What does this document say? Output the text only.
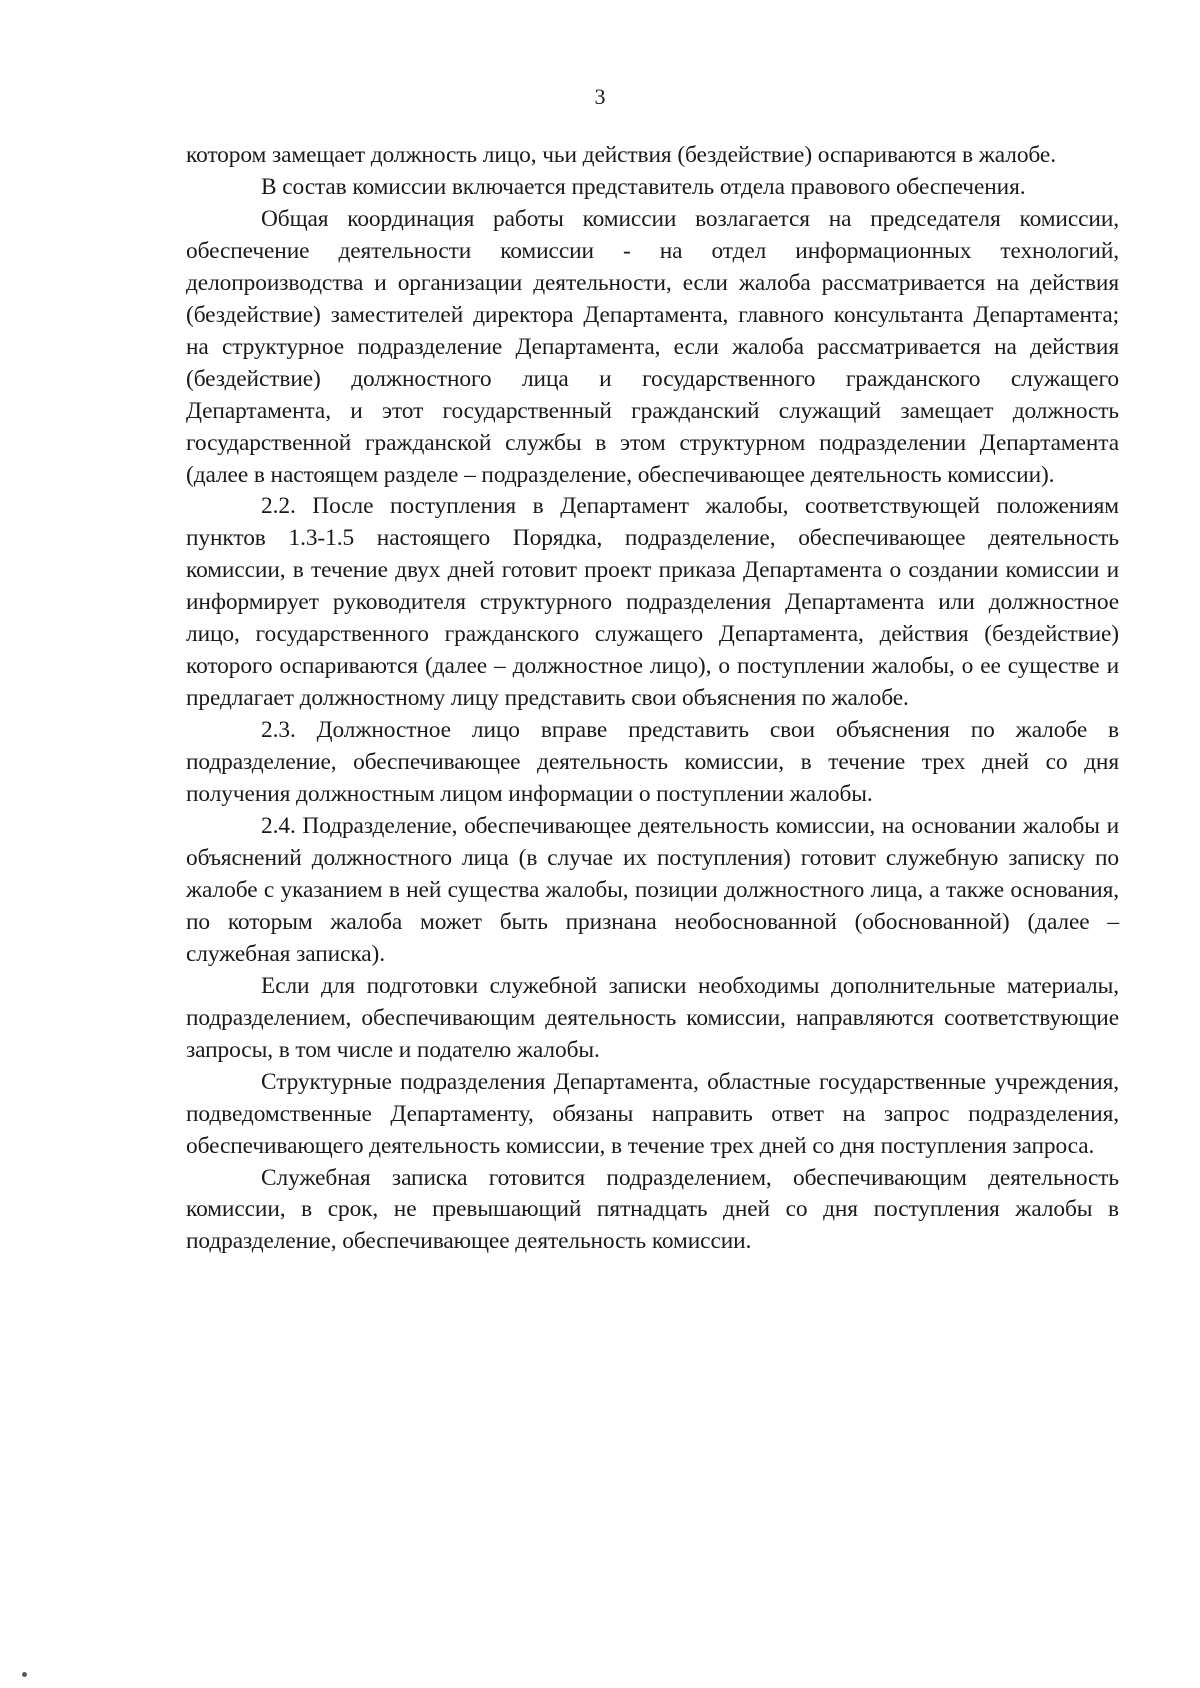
3

котором замещает должность лицо, чьи действия (бездействие) оспариваются в жалобе.

В состав комиссии включается представитель отдела правового обеспечения.

Общая координация работы комиссии возлагается на председателя комиссии, обеспечение деятельности комиссии - на отдел информационных технологий, делопроизводства и организации деятельности, если жалоба рассматривается на действия (бездействие) заместителей директора Департамента, главного консультанта Департамента; на структурное подразделение Департамента, если жалоба рассматривается на действия (бездействие) должностного лица и государственного гражданского служащего Департамента, и этот государственный гражданский служащий замещает должность государственной гражданской службы в этом структурном подразделении Департамента (далее в настоящем разделе – подразделение, обеспечивающее деятельность комиссии).

2.2. После поступления в Департамент жалобы, соответствующей положениям пунктов 1.3-1.5 настоящего Порядка, подразделение, обеспечивающее деятельность комиссии, в течение двух дней готовит проект приказа Департамента о создании комиссии и информирует руководителя структурного подразделения Департамента или должностное лицо, государственного гражданского служащего Департамента, действия (бездействие) которого оспариваются (далее – должностное лицо), о поступлении жалобы, о ее существе и предлагает должностному лицу представить свои объяснения по жалобе.

2.3. Должностное лицо вправе представить свои объяснения по жалобе в подразделение, обеспечивающее деятельность комиссии, в течение трех дней со дня получения должностным лицом информации о поступлении жалобы.

2.4. Подразделение, обеспечивающее деятельность комиссии, на основании жалобы и объяснений должностного лица (в случае их поступления) готовит служебную записку по жалобе с указанием в ней существа жалобы, позиции должностного лица, а также основания, по которым жалоба может быть признана необоснованной (обоснованной) (далее – служебная записка).

Если для подготовки служебной записки необходимы дополнительные материалы, подразделением, обеспечивающим деятельность комиссии, направляются соответствующие запросы, в том числе и подателю жалобы.

Структурные подразделения Департамента, областные государственные учреждения, подведомственные Департаменту, обязаны направить ответ на запрос подразделения, обеспечивающего деятельность комиссии, в течение трех дней со дня поступления запроса.

Служебная записка готовится подразделением, обеспечивающим деятельность комиссии, в срок, не превышающий пятнадцать дней со дня поступления жалобы в подразделение, обеспечивающее деятельность комиссии.
